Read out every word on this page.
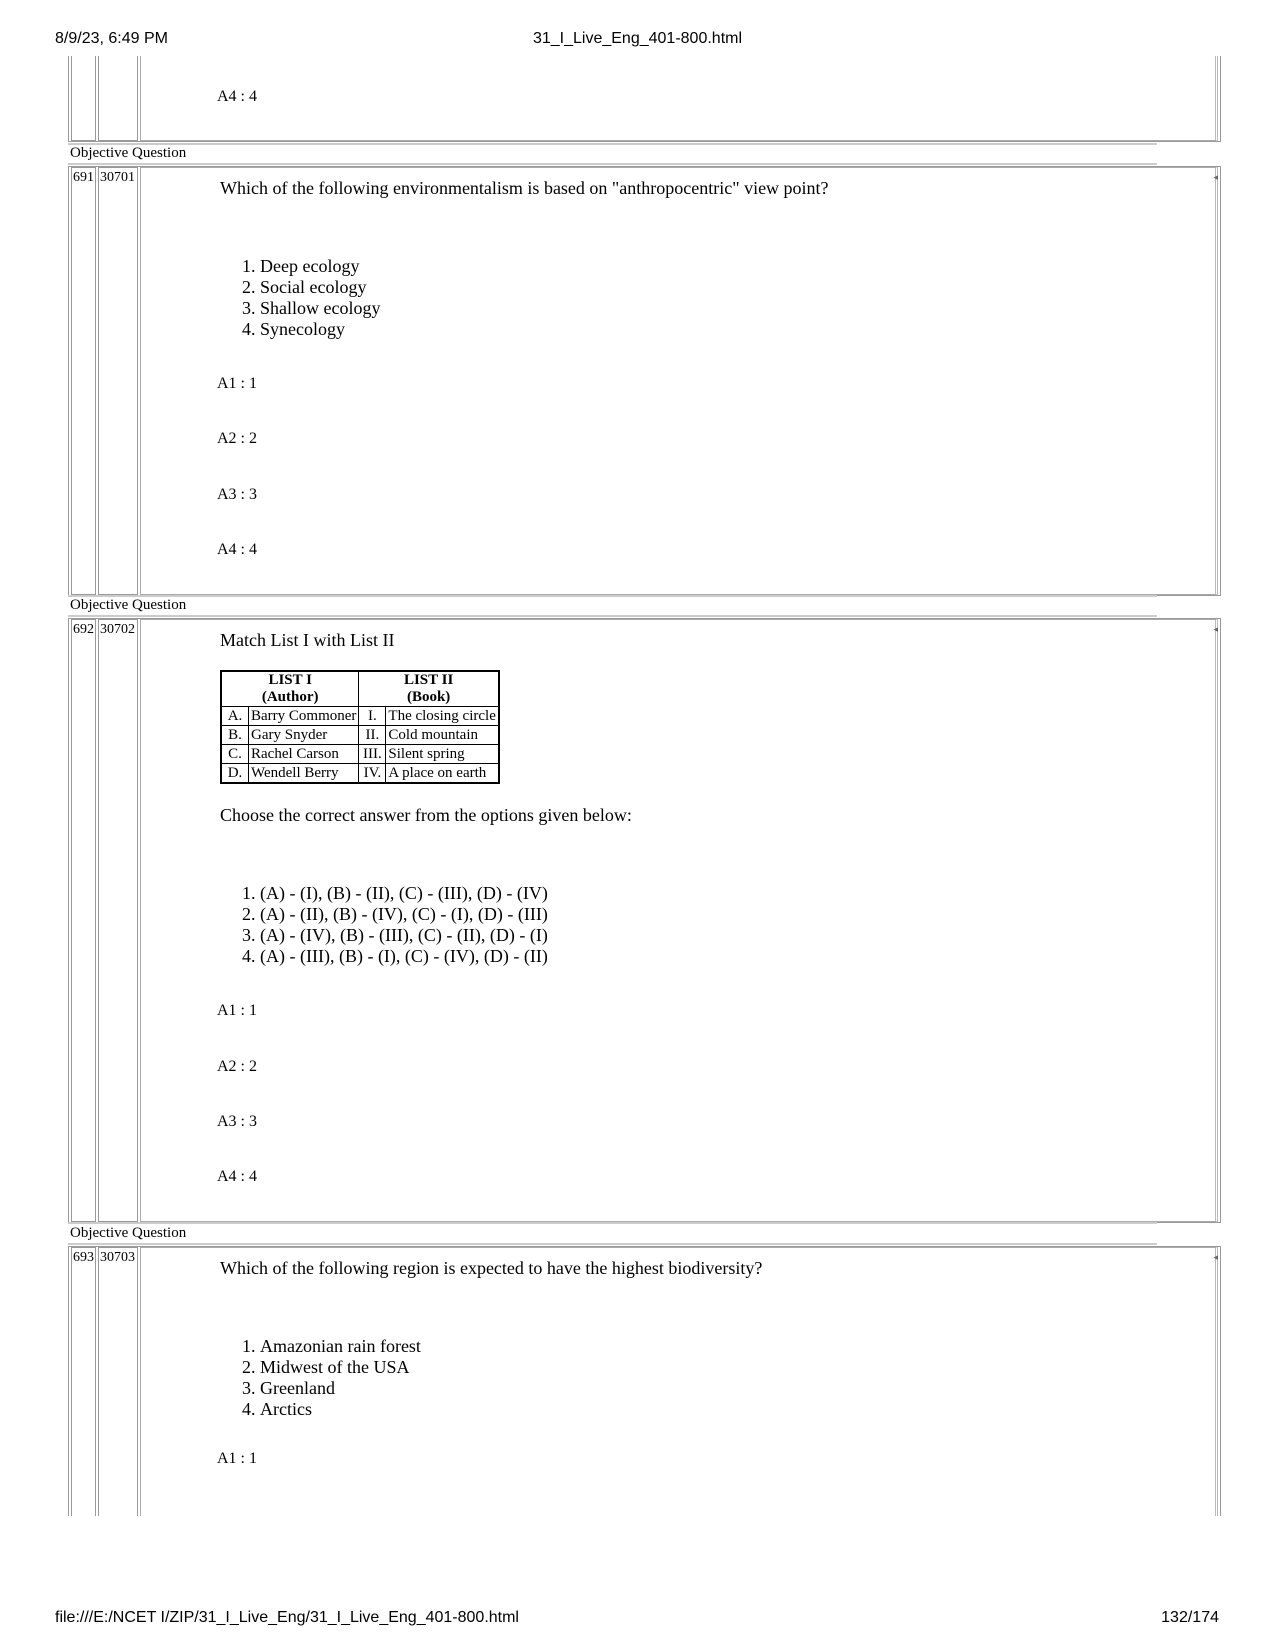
8/9/23, 6:49 PM	31_I_Live_Eng_401-800.html
A4 : 4
Objective Question
691 30701	◂
Which of the following environmentalism is based on "anthropocentric" view point?
1. Deep ecology
2. Social ecology
3. Shallow ecology
4. Synecology
A1 : 1
A2 : 2
A3 : 3
A4 : 4
Objective Question
692 30702	◂
Match List I with List II
LIST I
(Author)		LIST II
(Book)	
A.	Barry Commoner	I.	The closing circle
B.	Gary Snyder	II.	Cold mountain
C.	Rachel Carson	III.	Silent spring
D.	Wendell Berry	IV.	A place on earth
Choose the correct answer from the options given below:
1. (A) - (I), (B) - (II), (C) - (III), (D) - (IV)
2. (A) - (II), (B) - (IV), (C) - (I), (D) - (III)
3. (A) - (IV), (B) - (III), (C) - (II), (D) - (I)
4. (A) - (III), (B) - (I), (C) - (IV), (D) - (II)
A1 : 1
A2 : 2
A3 : 3
A4 : 4
Objective Question
693 30703	◂
Which of the following region is expected to have the highest biodiversity?
1. Amazonian rain forest
2. Midwest of the USA
3. Greenland
4. Arctics
A1 : 1
file:///E:/NCET I/ZIP/31_I_Live_Eng/31_I_Live_Eng_401-800.html	132/174
